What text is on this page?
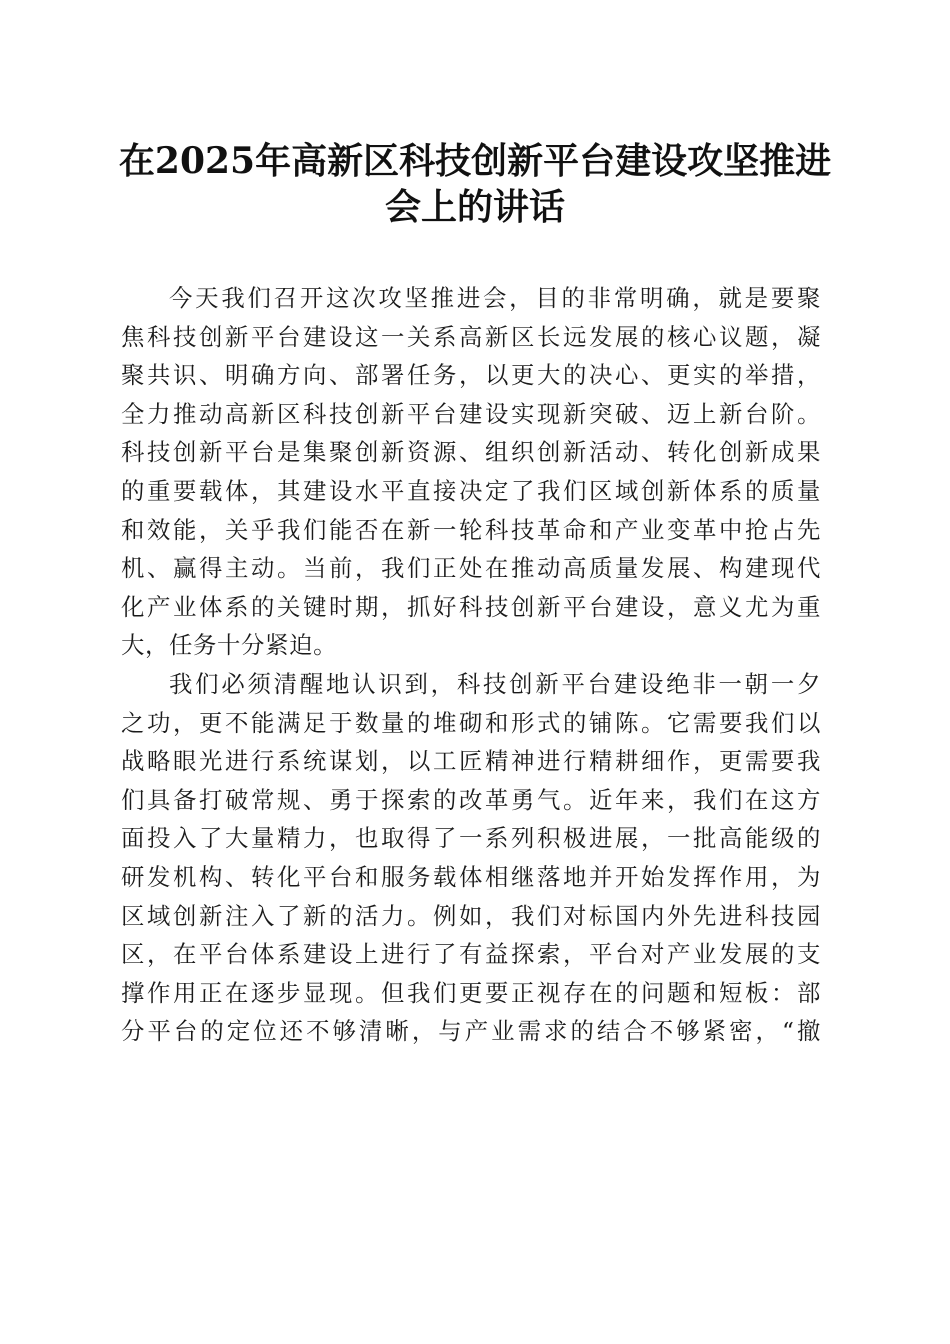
在2025年高新区科技创新平台建设攻坚推进
会上的讲话
今天我们召开这次攻坚推进会，目的非常明确，就是要聚
焦科技创新平台建设这一关系高新区长远发展的核心议题，凝
聚共识、明确方向、部署任务，以更大的决心、更实的举措，
全力推动高新区科技创新平台建设实现新突破、迈上新台阶。
科技创新平台是集聚创新资源、组织创新活动、转化创新成果
的重要载体，其建设水平直接决定了我们区域创新体系的质量
和效能，关乎我们能否在新一轮科技革命和产业变革中抢占先
机、赢得主动。当前，我们正处在推动高质量发展、构建现代
化产业体系的关键时期，抓好科技创新平台建设，意义尤为重
大，任务十分紧迫。
我们必须清醒地认识到，科技创新平台建设绝非一朝一夕
之功，更不能满足于数量的堆砌和形式的铺陈。它需要我们以
战略眼光进行系统谋划，以工匠精神进行精耕细作，更需要我
们具备打破常规、勇于探索的改革勇气。近年来，我们在这方
面投入了大量精力，也取得了一系列积极进展，一批高能级的
研发机构、转化平台和服务载体相继落地并开始发挥作用，为
区域创新注入了新的活力。例如，我们对标国内外先进科技园
区，在平台体系建设上进行了有益探索，平台对产业发展的支
撑作用正在逐步显现。但我们更要正视存在的问题和短板：部
分平台的定位还不够清晰，与产业需求的结合不够紧密，“撤
